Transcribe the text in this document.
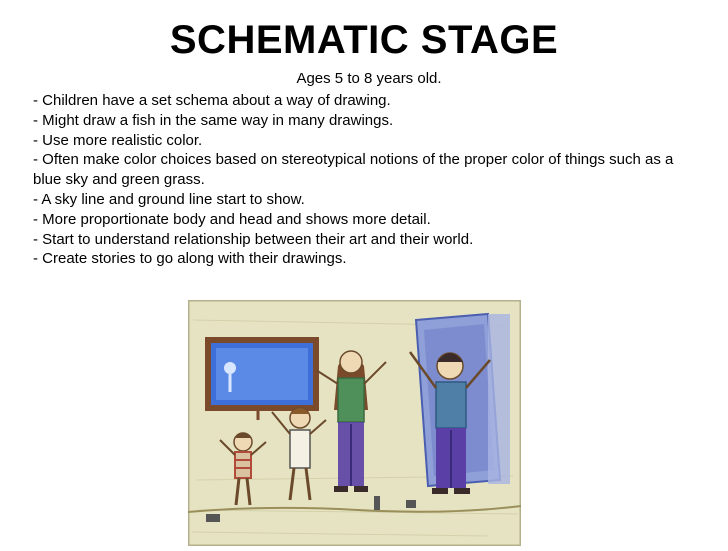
SCHEMATIC STAGE
Ages 5 to 8 years old.
- Children have a set schema about a way of drawing.
- Might draw a fish in the same way in many drawings.
- Use more realistic color.
- Often make color choices based on stereotypical notions of the proper color of things such as a blue sky and green grass.
- A sky line and ground line start to show.
- More proportionate body and head and shows more detail.
- Start to understand relationship between their art and their world.
- Create stories to go along with their drawings.
